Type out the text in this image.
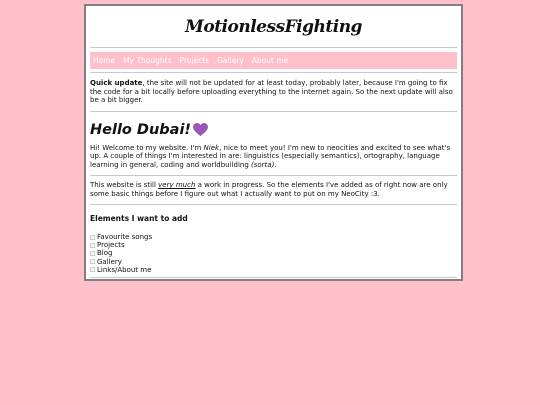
MotionlessFighting
Home My Thoughts Projects Gallery About me

Quick update, the site will not be updated for at least today, probably later, because I'm going to fix the code for a bit locally before uploading everything to the internet again. So the next update will also be a bit bigger.

Hello Dubai!

Hi! Welcome to my website. I'm Niek, nice to meet you! I'm new to neocities and excited to see what's up. A couple of things I'm interested in are: linguistics (especially semantics), ortography, language learning in general, coding and worldbuilding (sorta).

This website is still very much a work in progress. So the elements I've added as of right now are only some basic things before I figure out what I actually want to put on my NeoCity :3.

Elements I want to add
Favourite songs
Projects
Blog
Gallery
Links/About me
